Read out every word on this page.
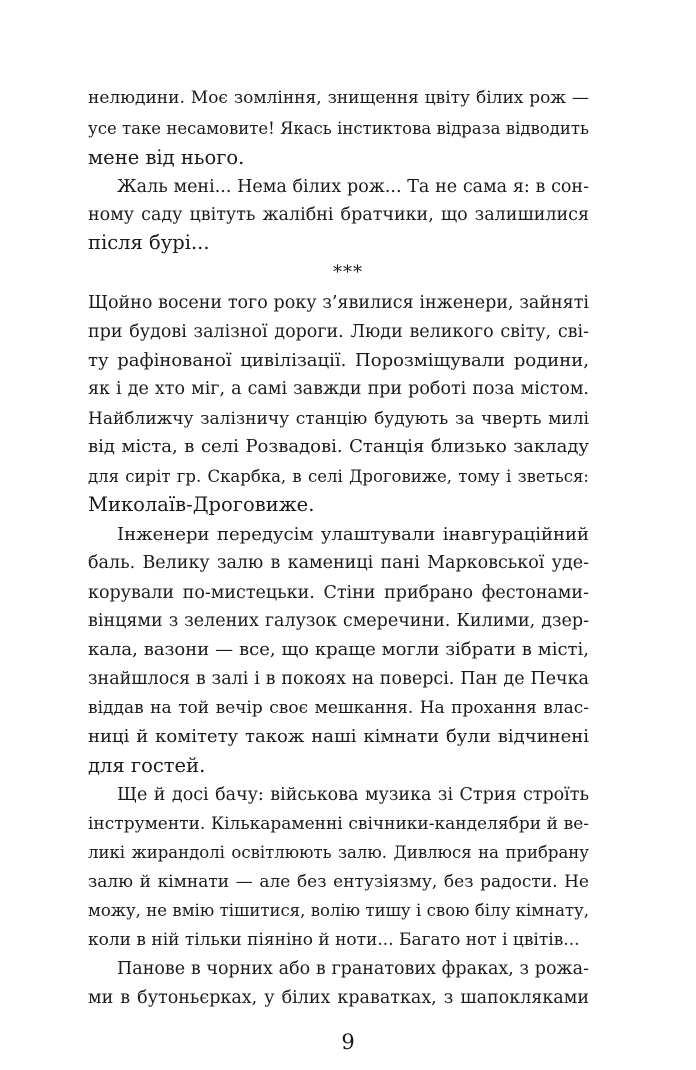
нелюдини. Моє зомління, знищення цвіту білих рож —
усе таке несамовите! Якась інстиктова відраза відводить
мене від нього.
Жаль мені... Нема білих рож... Та не сама я: в сон-
ному саду цвітуть жалібні братчики, що залишилися
після бурі...
***
Щойно восени того року з’явилися інженери, зайняті
при будові залізної дороги. Люди великого світу, сві-
ту рафінованої цивілізації. Порозміщували родини,
як і де хто міг, а самі завжди при роботі поза містом.
Найближчу залізничу станцію будують за чверть милі
від міста, в селі Розвадові. Станція близько закладу
для сиріт гр. Скарбка, в селі Дроговиже, тому і зветься:
Миколаїв-Дроговиже.
Інженери передусім улаштували інавгураційний
баль. Велику залю в камениці пані Марковської уде-
корували по-мистецьки. Стіни прибрано фестонами-
вінцями з зелених галузок смеречини. Килими, дзер-
кала, вазони — все, що краще могли зібрати в місті,
знайшлося в залі і в покоях на поверсі. Пан де Печка
віддав на той вечір своє мешкання. На прохання влас-
ниці й комітету також наші кімнати були відчинені
для гостей.
Ще й досі бачу: військова музика зі Стрия строїть
інструменти. Кількараменні свічники-канделябри й ве-
ликі жирандолі освітлюють залю. Дивлюся на прибрану
залю й кімнати — але без ентузіязму, без радости. Не
можу, не вмію тішитися, волію тишу і свою білу кімнату,
коли в ній тільки піяніно й ноти... Багато нот і цвітів...
Панове в чорних або в гранатових фраках, з рожа-
ми в бутоньєрках, у білих краватках, з шапокляками
9
